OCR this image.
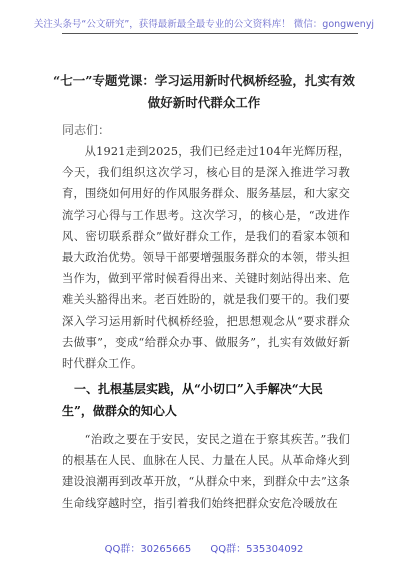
关注头条号“公文研究”，获得最新最全最专业的公文资料库！ 微信：gongwenyj
“七一”专题党课：学习运用新时代枫桥经验，扎实有效
做好新时代群众工作
同志们：
从1921走到2025，我们已经走过104年光辉历程，今天，我们组织这次学习，核心目的是深入推进学习教育，围绕如何用好的作风服务群众、服务基层，和大家交流学习心得与工作思考。这次学习，的核心是，“改进作风、密切联系群众”做好群众工作，是我们的看家本领和最大政治优势。领导干部要增强服务群众的本领，带头担当作为，做到平常时候看得出来、关键时刻站得出来、危难关头豁得出来。老百姓盼的，就是我们要干的。我们要深入学习运用新时代枫桥经验，把思想观念从“要求群众去做事”，变成“给群众办事、做服务”，扎实有效做好新时代群众工作。
一、扎根基层实践，从“小切口”入手解决“大民生”，做群众的知心人
“治政之要在于安民，安民之道在于察其疾苦。”我们的根基在人民、血脉在人民、力量在人民。从革命烽火到建设浪潮再到改革开放，“从群众中来，到群众中去”这条生命线穿越时空，指引着我们始终把群众安危冷暖放在
QQ群：30265665 QQ群：535304092
